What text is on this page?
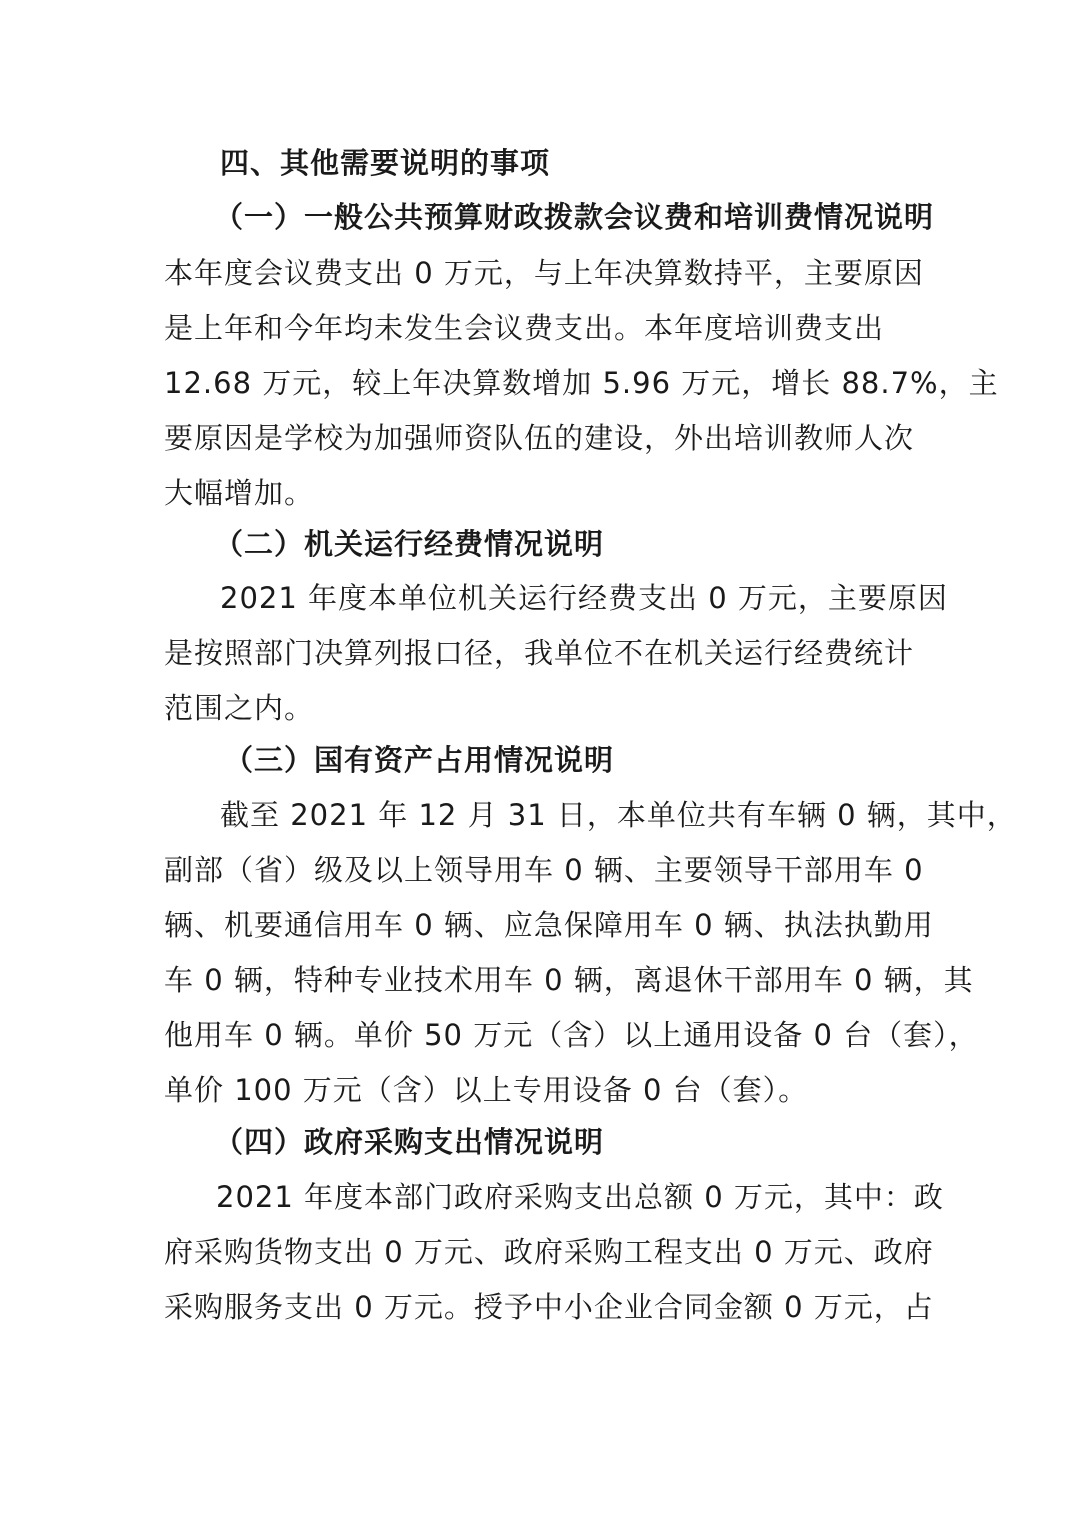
四、其他需要说明的事项
（一）一般公共预算财政拨款会议费和培训费情况说明
本年度会议费支出 0 万元，与上年决算数持平，主要原因
是上年和今年均未发生会议费支出。本年度培训费支出
12.68 万元，较上年决算数增加 5.96 万元，增长 88.7%，主
要原因是学校为加强师资队伍的建设，外出培训教师人次
大幅增加。
（二）机关运行经费情况说明
2021 年度本单位机关运行经费支出 0 万元，主要原因
是按照部门决算列报口径，我单位不在机关运行经费统计
范围之内。
（三）国有资产占用情况说明
截至 2021 年 12 月 31 日，本单位共有车辆 0 辆，其中，
副部（省）级及以上领导用车 0 辆、主要领导干部用车 0
辆、机要通信用车 0 辆、应急保障用车 0 辆、执法执勤用
车 0 辆，特种专业技术用车 0 辆，离退休干部用车 0 辆，其
他用车 0 辆。单价 50 万元（含）以上通用设备 0 台（套），
单价 100 万元（含）以上专用设备 0 台（套）。
（四）政府采购支出情况说明
2021 年度本部门政府采购支出总额 0 万元，其中：政
府采购货物支出 0 万元、政府采购工程支出 0 万元、政府
采购服务支出 0 万元。授予中小企业合同金额 0 万元，占
